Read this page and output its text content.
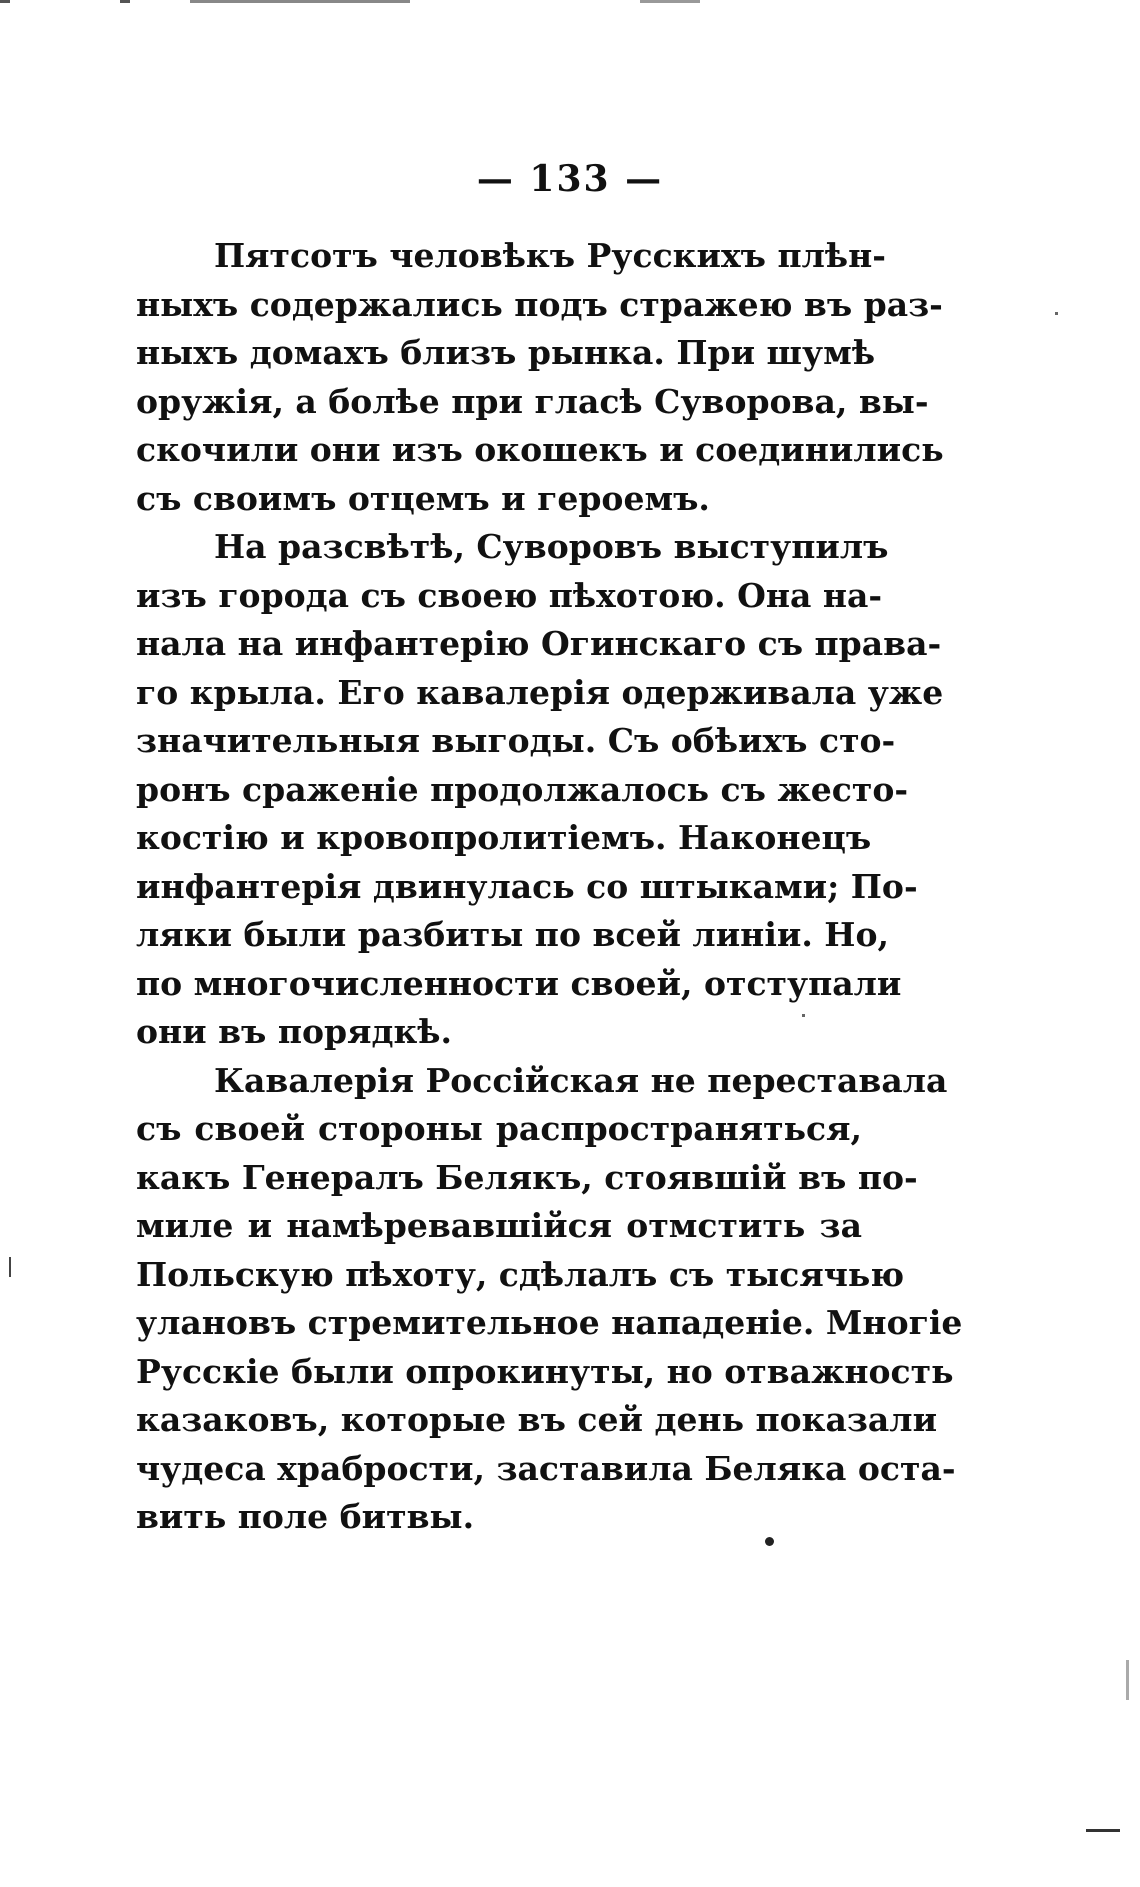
— 133 —
Пятсотъ человѣкъ Русскихъ плѣн-
ныхъ содержались подъ стражею въ раз-
ныхъ домахъ близъ рынка. При шумѣ
оружія, а болѣе при гласѣ Суворова, вы-
скочили они изъ окошекъ и соединились
съ своимъ отцемъ и героемъ.
На разсвѣтѣ, Суворовъ выступилъ
изъ города съ своею пѣхотою. Она на-
нала на инфантерію Огинскаго съ права-
го крыла. Его кавалерія одерживала уже
значительныя выгоды. Съ обѣихъ сто-
ронъ сраженіе продолжалось съ жесто-
костію и кровопролитіемъ. Наконецъ
инфантерія двинулась со штыками; По-
ляки были разбиты по всей линіи. Но,
по многочисленности своей, отступали
они въ порядкѣ.
Кавалерія Россійская не переставала
съ своей стороны распространяться,
какъ Генералъ Белякъ, стоявшій въ по-
миле и намѣревавшійся отмстить за
Польскую пѣхоту, сдѣлалъ съ тысячью
улановъ стремительное нападеніе. Многіе
Русскіе были опрокинуты, но отважность
казаковъ, которые въ сей день показали
чудеса храбрости, заставила Беляка оста-
вить поле битвы.
